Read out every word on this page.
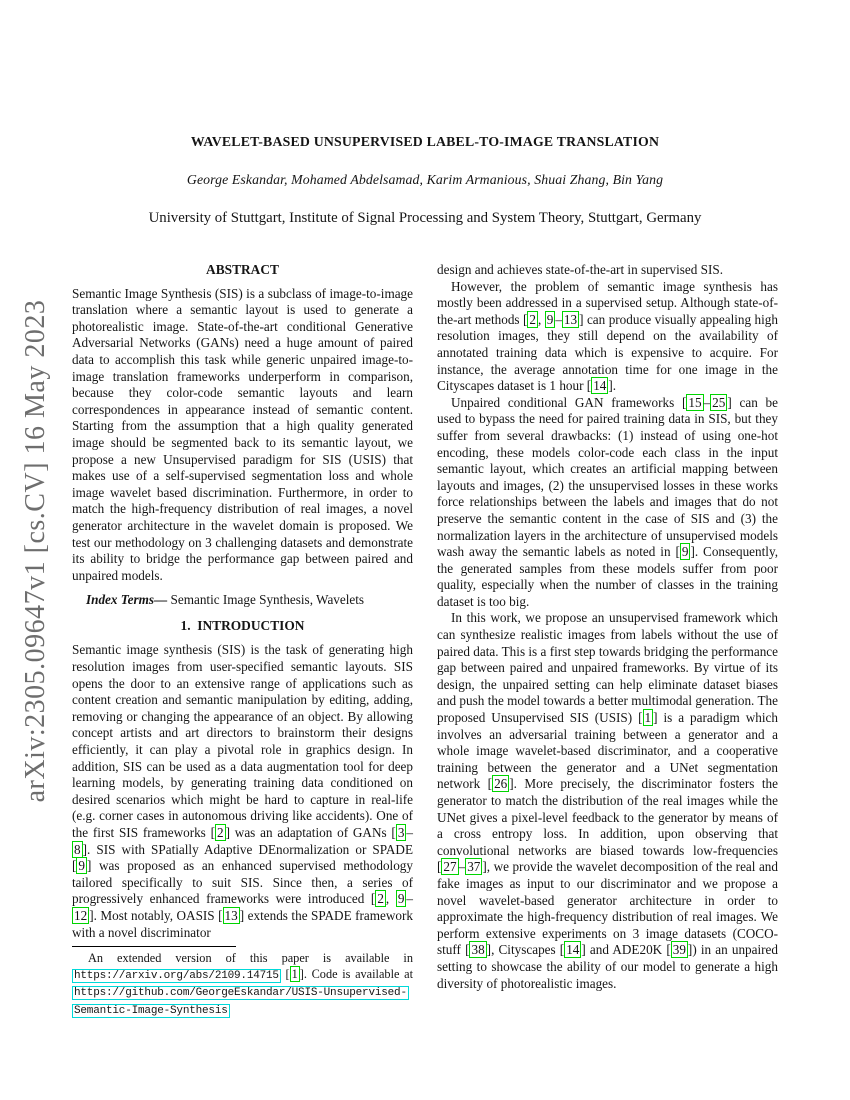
arXiv:2305.09647v1 [cs.CV] 16 May 2023
WAVELET-BASED UNSUPERVISED LABEL-TO-IMAGE TRANSLATION
George Eskandar, Mohamed Abdelsamad, Karim Armanious, Shuai Zhang, Bin Yang
University of Stuttgart, Institute of Signal Processing and System Theory, Stuttgart, Germany
ABSTRACT

Semantic Image Synthesis (SIS) is a subclass of image-to-image translation where a semantic layout is used to generate a photorealistic image. State-of-the-art conditional Generative Adversarial Networks (GANs) need a huge amount of paired data to accomplish this task while generic unpaired image-to-image translation frameworks underperform in comparison, because they color-code semantic layouts and learn correspondences in appearance instead of semantic content. Starting from the assumption that a high quality generated image should be segmented back to its semantic layout, we propose a new Unsupervised paradigm for SIS (USIS) that makes use of a self-supervised segmentation loss and whole image wavelet based discrimination. Furthermore, in order to match the high-frequency distribution of real images, a novel generator architecture in the wavelet domain is proposed. We test our methodology on 3 challenging datasets and demonstrate its ability to bridge the performance gap between paired and unpaired models.

Index Terms— Semantic Image Synthesis, Wavelets

1.  INTRODUCTION

Semantic image synthesis (SIS) is the task of generating high resolution images from user-specified semantic layouts. SIS opens the door to an extensive range of applications such as content creation and semantic manipulation by editing, adding, removing or changing the appearance of an object. By allowing concept artists and art directors to brainstorm their designs efficiently, it can play a pivotal role in graphics design. In addition, SIS can be used as a data augmentation tool for deep learning models, by generating training data conditioned on desired scenarios which might be hard to capture in real-life (e.g. corner cases in autonomous driving like accidents). One of the first SIS frameworks [ 2 ] was an adaptation of GANs [ 3 –8 ]. SIS with SPatially Adaptive DEnormalization or SPADE [ 9 ] was proposed as an enhanced supervised methodology tailored specifically to suit SIS. Since then, a series of progressively enhanced frameworks were introduced [ 2 , 9 –12 ]. Most notably, OASIS [ 13 ] extends the SPADE framework with a novel discriminator

design and achieves state-of-the-art in supervised SIS.

However, the problem of semantic image synthesis has mostly been addressed in a supervised setup. Although state-of-the-art methods [ 2 , 9 – 13 ] can produce visually appealing high resolution images, they still depend on the availability of annotated training data which is expensive to acquire. For instance, the average annotation time for one image in the Cityscapes dataset is 1 hour [ 14 ].

Unpaired conditional GAN frameworks [ 15 – 25 ] can be used to bypass the need for paired training data in SIS, but they suffer from several drawbacks: (1) instead of using one-hot encoding, these models color-code each class in the input semantic layout, which creates an artificial mapping between layouts and images, (2) the unsupervised losses in these works force relationships between the labels and images that do not preserve the semantic content in the case of SIS and (3) the normalization layers in the architecture of unsupervised models wash away the semantic labels as noted in [ 9 ]. Consequently, the generated samples from these models suffer from poor quality, especially when the number of classes in the training dataset is too big.

In this work, we propose an unsupervised framework which can synthesize realistic images from labels without the use of paired data. This is a first step towards bridging the performance gap between paired and unpaired frameworks. By virtue of its design, the unpaired setting can help eliminate dataset biases and push the model towards a better multimodal generation. The proposed Unsupervised SIS (USIS) [ 1 ] is a paradigm which involves an adversarial training between a generator and a whole image wavelet-based discriminator, and a cooperative training between the generator and a UNet segmentation network [ 26 ]. More precisely, the discriminator fosters the generator to match the distribution of the real images while the UNet gives a pixel-level feedback to the generator by means of a cross entropy loss. In addition, upon observing that convolutional networks are biased towards low-frequencies [ 27 – 37 ], we provide the wavelet decomposition of the real and fake images as input to our discriminator and we propose a novel wavelet-based generator architecture in order to approximate the high-frequency distribution of real images. We perform extensive experiments on 3 image datasets (COCO-stuff [ 38 ], Cityscapes [ 14 ] and ADE20K [ 39 ]) in an unpaired setting to showcase the ability of our model to generate a high diversity of photorealistic images.

An extended version of this paper is available in https://arxiv.org/abs/2109.14715 [ 1 ]. Code is available at https://github.com/GeorgeEskandar/USIS-Unsupervised-Semantic-Image-Synthesis
